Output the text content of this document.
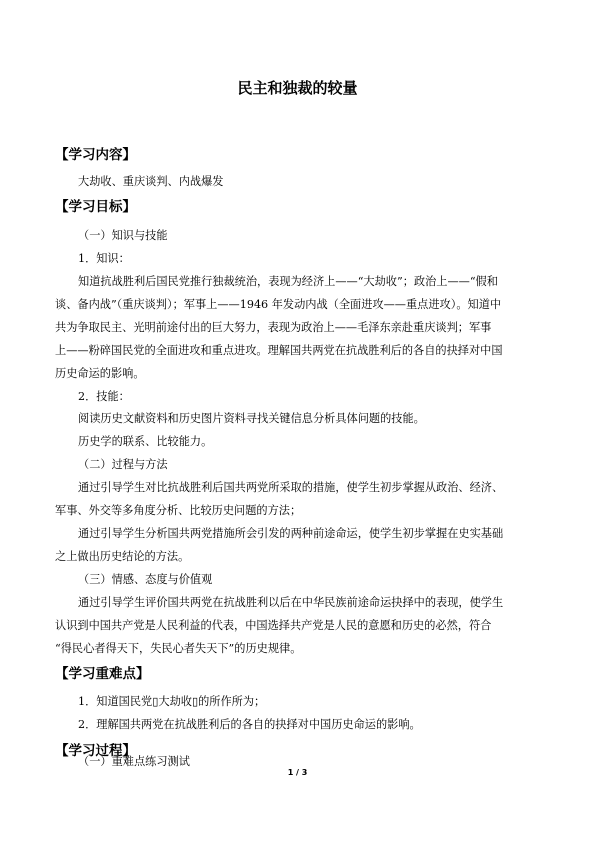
民主和独裁的较量
【学习内容】
大劫收、重庆谈判、内战爆发
【学习目标】
（一）知识与技能
1．知识：
知道抗战胜利后国民党推行独裁统治，表现为经济上——“大劫收”；政治上——“假和
谈、备内战”（重庆谈判）；军事上——1946 年发动内战（全面进攻——重点进攻）。知道中
共为争取民主、光明前途付出的巨大努力，表现为政治上——毛泽东亲赴重庆谈判；军事
上——粉碎国民党的全面进攻和重点进攻。理解国共两党在抗战胜利后的各自的抉择对中国
历史命运的影响。
2．技能：
阅读历史文献资料和历史图片资料寻找关键信息分析具体问题的技能。
历史学的联系、比较能力。
（二）过程与方法
通过引导学生对比抗战胜利后国共两党所采取的措施，使学生初步掌握从政治、经济、
军事、外交等多角度分析、比较历史问题的方法；
通过引导学生分析国共两党措施所会引发的两种前途命运，使学生初步掌握在史实基础
之上做出历史结论的方法。
（三）情感、态度与价值观
通过引导学生评价国共两党在抗战胜利以后在中华民族前途命运抉择中的表现，使学生
认识到中国共产党是人民利益的代表，中国选择共产党是人民的意愿和历史的必然，符合
“得民心者得天下，失民心者失天下”的历史规律。
【学习重难点】
1．知道国民党▯大劫收▯的所作所为；
2．理解国共两党在抗战胜利后的各自的抉择对中国历史命运的影响。
【学习过程】
（一）重难点练习测试
1 / 3
